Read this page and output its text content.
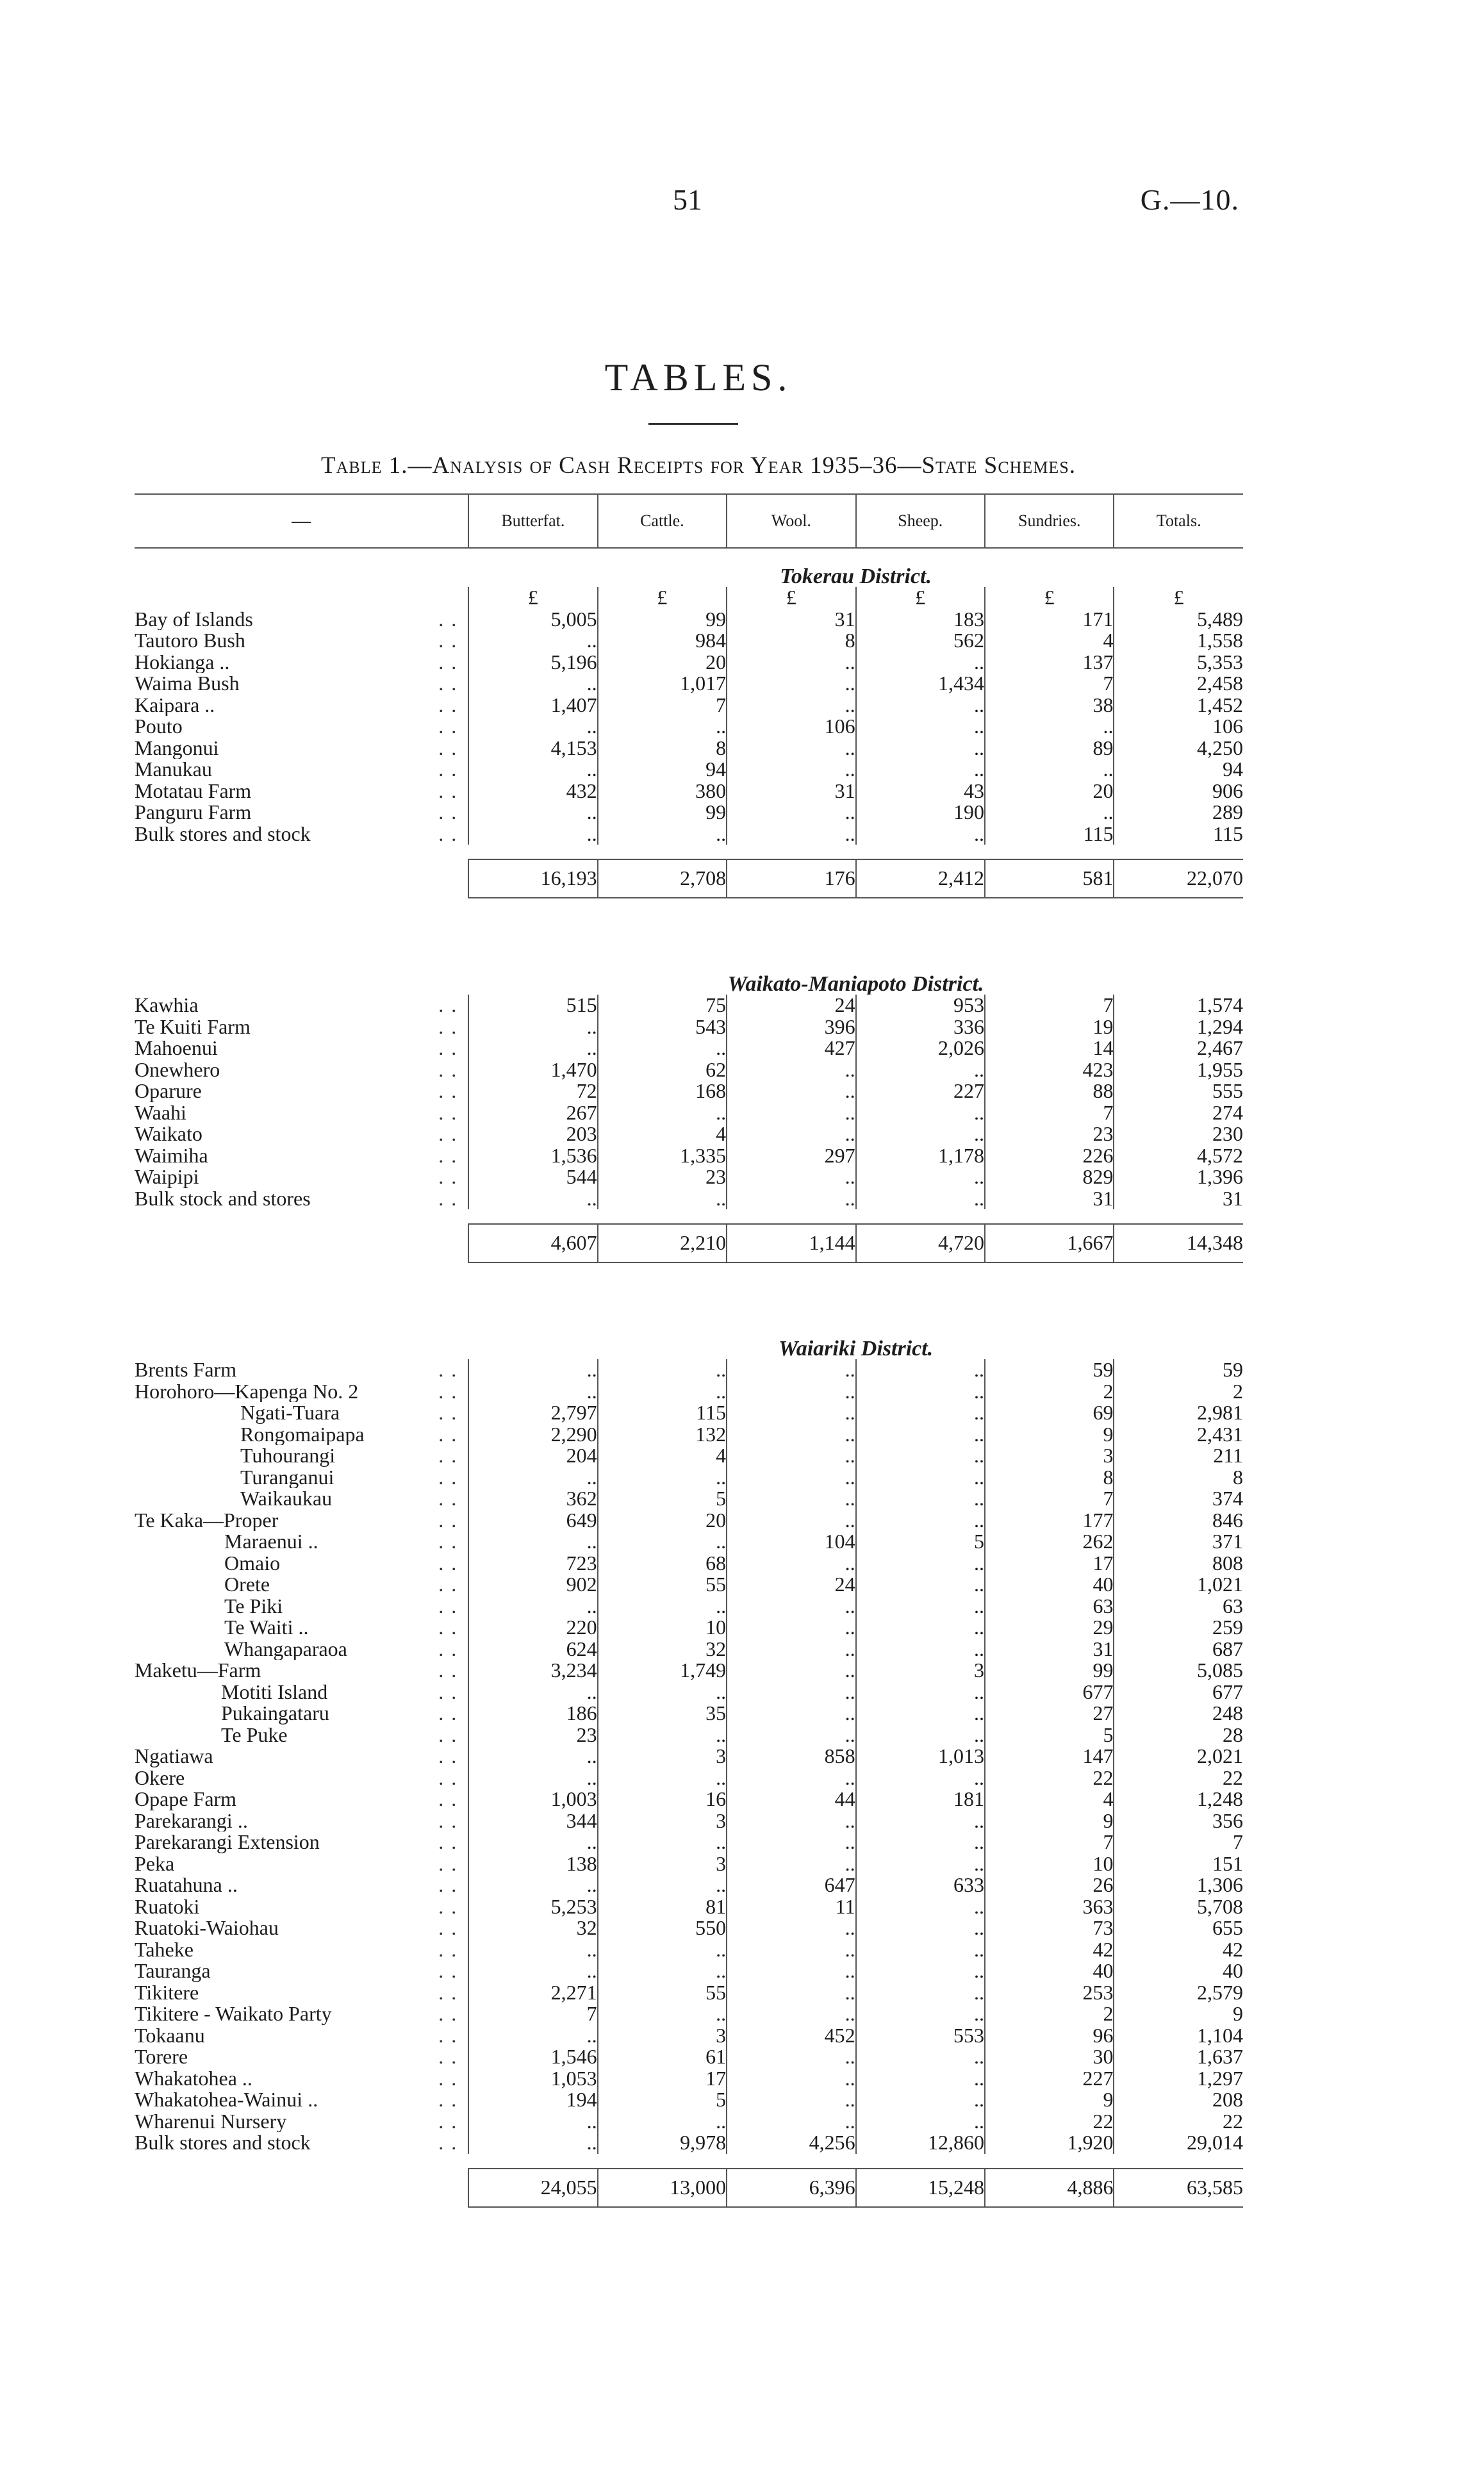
51	G.—10.
TABLES.
Table 1.—Analysis of Cash Receipts for Year 1935–36—State Schemes.
—	Butterfat.	Cattle.	Wool.	Sheep.	Sundries.	Totals.
	Tokerau District.					
	£	£	£	£	£	£

..
Bay of Islands	5,005	99	31	183	171	5,489

..
Tautoro Bush	..	984	8	562	4	1,558

..
Hokianga ..	5,196	20	..	..	137	5,353

..
Waima Bush	..	1,017	..	1,434	7	2,458

..
Kaipara ..	1,407	7	..	..	38	1,452

..
Pouto	..	..	106	..	..	106

..
Mangonui	4,153	8	..	..	89	4,250

..
Manukau	..	94	..	..	..	94

..
Motatau Farm	432	380	31	43	20	906

..
Panguru Farm	..	99	..	190	..	289

..
Bulk stores and stock	..	..	..	..	115	115

	16,193	2,708	176	2,412	581	22,070

	Waikato-Maniapoto District.					

..
Kawhia	515	75	24	953	7	1,574

..
Te Kuiti Farm	..	543	396	336	19	1,294

..
Mahoenui	..	..	427	2,026	14	2,467

..
Onewhero	1,470	62	..	..	423	1,955

..
Oparure	72	168	..	227	88	555

..
Waahi	267	..	..	..	7	274

..
Waikato	203	4	..	..	23	230

..
Waimiha	1,536	1,335	297	1,178	226	4,572

..
Waipipi	544	23	..	..	829	1,396

..
Bulk stock and stores	..	..	..	..	31	31

	4,607	2,210	1,144	4,720	1,667	14,348

	Waiariki District.					

..
Brents Farm	..	..	..	..	59	59

..
Horohoro—Kapenga No. 2	..	..	..	..	2	2

..
Ngati-Tuara	2,797	115	..	..	69	2,981

..
Rongomaipapa	2,290	132	..	..	9	2,431

..
Tuhourangi	204	4	..	..	3	211

..
Turanganui	..	..	..	..	8	8

..
Waikaukau	362	5	..	..	7	374

..
Te Kaka—Proper	649	20	..	..	177	846

..
Maraenui ..	..	..	104	5	262	371

..
Omaio	723	68	..	..	17	808

..
Orete	902	55	24	..	40	1,021

..
Te Piki	..	..	..	..	63	63

..
Te Waiti ..	220	10	..	..	29	259

..
Whangaparaoa	624	32	..	..	31	687

..
Maketu—Farm	3,234	1,749	..	3	99	5,085

..
Motiti Island	..	..	..	..	677	677

..
Pukaingataru	186	35	..	..	27	248

..
Te Puke	23	..	..	..	5	28

..
Ngatiawa	..	3	858	1,013	147	2,021

..
Okere	..	..	..	..	22	22

..
Opape Farm	1,003	16	44	181	4	1,248

..
Parekarangi ..	344	3	..	..	9	356

..
Parekarangi Extension	..	..	..	..	7	7

..
Peka	138	3	..	..	10	151

..
Ruatahuna ..	..	..	647	633	26	1,306

..
Ruatoki	5,253	81	11	..	363	5,708

..
Ruatoki-Waiohau	32	550	..	..	73	655

..
Taheke	..	..	..	..	42	42

..
Tauranga	..	..	..	..	40	40

..
Tikitere	2,271	55	..	..	253	2,579

..
Tikitere - Waikato Party	7	..	..	..	2	9

..
Tokaanu	..	3	452	553	96	1,104

..
Torere	1,546	61	..	..	30	1,637

..
Whakatohea ..	1,053	17	..	..	227	1,297

..
Whakatohea-Wainui ..	194	5	..	..	9	208

..
Wharenui Nursery	..	..	..	..	22	22

..
Bulk stores and stock	..	9,978	4,256	12,860	1,920	29,014

	24,055	13,000	6,396	15,248	4,886	63,585
